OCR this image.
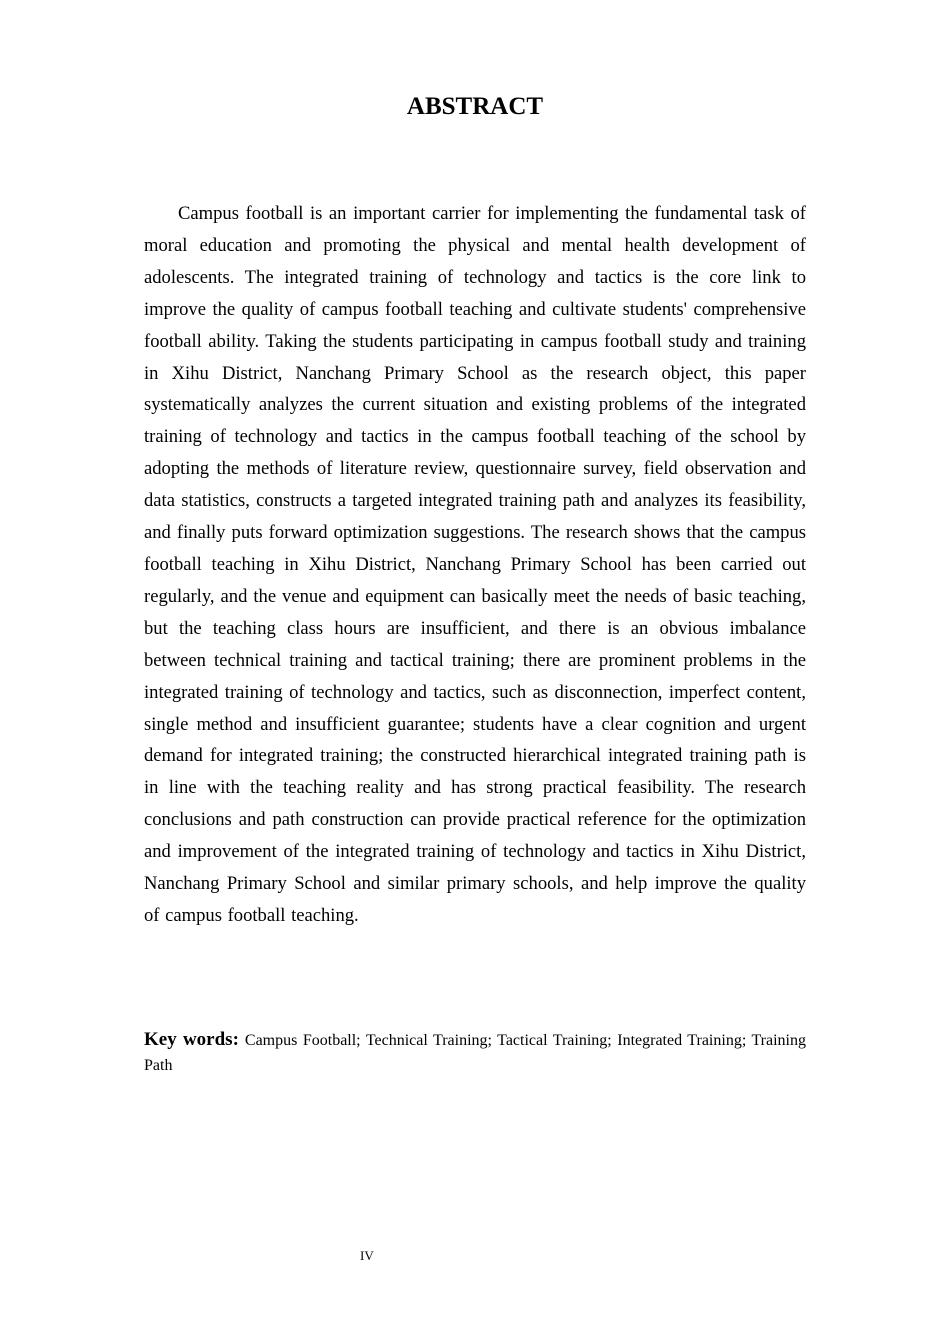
ABSTRACT

Campus football is an important carrier for implementing the fundamental task of moral education and promoting the physical and mental health development of adolescents. The integrated training of technology and tactics is the core link to improve the quality of campus football teaching and cultivate students' comprehensive football ability. Taking the students participating in campus football study and training in Xihu District, Nanchang Primary School as the research object, this paper systematically analyzes the current situation and existing problems of the integrated training of technology and tactics in the campus football teaching of the school by adopting the methods of literature review, questionnaire survey, field observation and data statistics, constructs a targeted integrated training path and analyzes its feasibility, and finally puts forward optimization suggestions. The research shows that the campus football teaching in Xihu District, Nanchang Primary School has been carried out regularly, and the venue and equipment can basically meet the needs of basic teaching, but the teaching class hours are insufficient, and there is an obvious imbalance between technical training and tactical training; there are prominent problems in the integrated training of technology and tactics, such as disconnection, imperfect content, single method and insufficient guarantee; students have a clear cognition and urgent demand for integrated training; the constructed hierarchical integrated training path is in line with the teaching reality and has strong practical feasibility. The research conclusions and path construction can provide practical reference for the optimization and improvement of the integrated training of technology and tactics in Xihu District, Nanchang Primary School and similar primary schools, and help improve the quality of campus football teaching.

Key words: Campus Football; Technical Training; Tactical Training; Integrated Training; Training Path

IV
